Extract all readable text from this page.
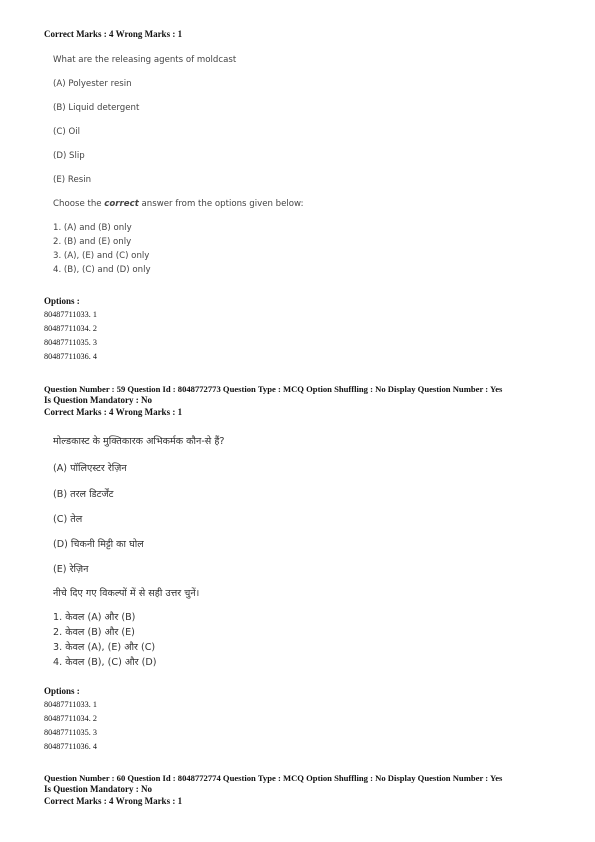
Correct Marks : 4 Wrong Marks : 1
What are the releasing agents of moldcast
(A) Polyester resin
(B) Liquid detergent
(C) Oil
(D) Slip
(E) Resin
Choose the correct answer from the options given below:
1. (A) and (B) only
2. (B) and (E) only
3. (A), (E) and (C) only
4. (B), (C) and (D) only
Options :
80487711033. 1
80487711034. 2
80487711035. 3
80487711036. 4
Question Number : 59 Question Id : 8048772773 Question Type : MCQ Option Shuffling : No Display Question Number : Yes
Is Question Mandatory : No
Correct Marks : 4 Wrong Marks : 1
मोल्डकास्ट के मुक्तिकारक अभिकर्मक कौन-से हैं?
(A) पॉलिएस्टर रेज़िन
(B) तरल डिटर्जेंट
(C) तेल
(D) चिकनी मिट्टी का घोल
(E) रेज़िन
नीचे दिए गए विकल्पों में से सही उत्तर चुनें।
1. केवल (A) और (B)
2. केवल (B) और (E)
3. केवल (A), (E) और (C)
4. केवल (B), (C) और (D)
Options :
80487711033. 1
80487711034. 2
80487711035. 3
80487711036. 4
Question Number : 60 Question Id : 8048772774 Question Type : MCQ Option Shuffling : No Display Question Number : Yes
Is Question Mandatory : No
Correct Marks : 4 Wrong Marks : 1
